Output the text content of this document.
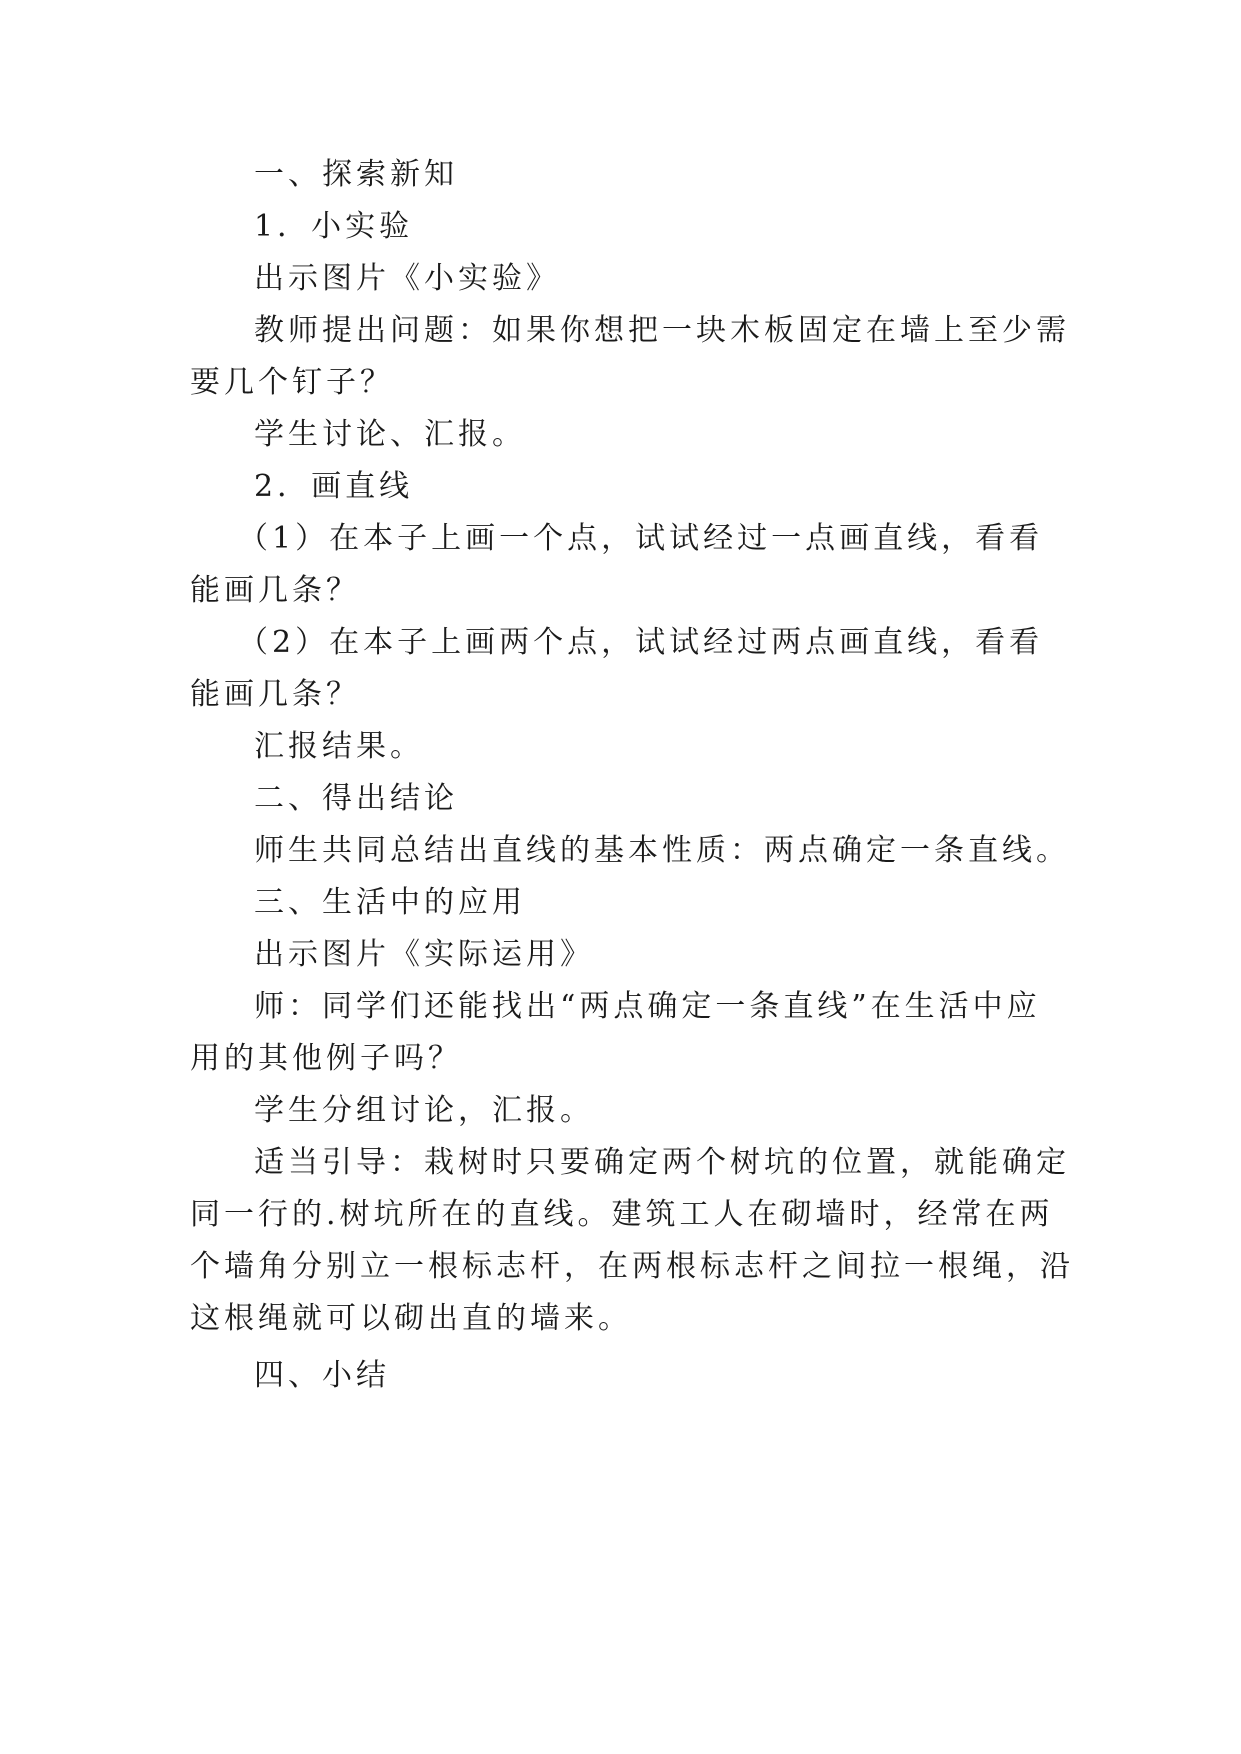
一、探索新知
1．小实验
出示图片《小实验》
教师提出问题：如果你想把一块木板固定在墙上至少需
要几个钉子？
学生讨论、汇报。
2．画直线
（1）在本子上画一个点，试试经过一点画直线，看看
能画几条？
（2）在本子上画两个点，试试经过两点画直线，看看
能画几条？
汇报结果。
二、得出结论
师生共同总结出直线的基本性质：两点确定一条直线。
三、生活中的应用
出示图片《实际运用》
师：同学们还能找出“两点确定一条直线”在生活中应
用的其他例子吗？
学生分组讨论，汇报。
适当引导：栽树时只要确定两个树坑的位置，就能确定
同一行的.树坑所在的直线。建筑工人在砌墙时，经常在两
个墙角分别立一根标志杆，在两根标志杆之间拉一根绳，沿
这根绳就可以砌出直的墙来。
四、小结
